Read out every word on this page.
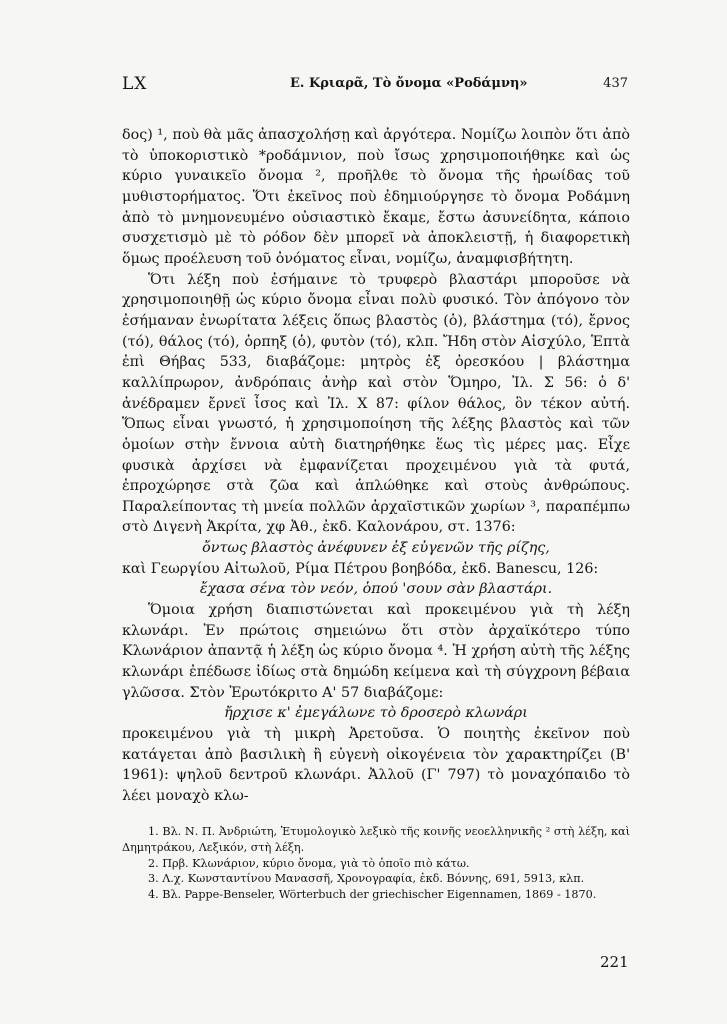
LX	Ε. Κριαρᾶ, Τὸ ὄνομα «Ροδάμνη»	437

δος) ¹, ποὺ θὰ μᾶς ἀπασχολήσῃ καὶ ἀργότερα. Νομίζω λοιπὸν ὅτι ἀπὸ τὸ ὑποκοριστικὸ *ροδάμνιον, ποὺ ἴσως χρησιμοποιήθηκε καὶ ὡς κύριο γυναικεῖο ὄνομα ², προῆλθε τὸ ὄνομα τῆς ἡρωίδας τοῦ μυθιστορήματος. Ὅτι ἐκεῖνος ποὺ ἐδημιούργησε τὸ ὄνομα Ροδάμνη ἀπὸ τὸ μνημονευμένο οὐσιαστικὸ ἔκαμε, ἔστω ἀσυνείδητα, κάποιο συσχετισμὸ μὲ τὸ ρόδον δὲν μπορεῖ νὰ ἀποκλειστῇ, ἡ διαφορετικὴ ὅμως προέλευση τοῦ ὀνόματος εἶναι, νομίζω, ἀναμφισβήτητη.

Ὅτι λέξη ποὺ ἐσήμαινε τὸ τρυφερὸ βλαστάρι μποροῦσε νὰ χρησιμοποιηθῇ ὡς κύριο ὄνομα εἶναι πολὺ φυσικό. Τὸν ἀπόγονο τὸν ἐσήμαναν ἐνωρίτατα λέξεις ὅπως βλαστὸς (ὁ), βλάστημα (τό), ἔρνος (τό), θάλος (τό), ὀρπηξ (ὁ), φυτὸν (τό), κλπ. Ἤδη στὸν Αἰσχύλο, Ἑπτὰ ἐπὶ Θήβας 533, διαβάζομε: μητρὸς ἐξ ὀρεσκόου | βλάστημα καλλίπρωρον, ἀνδρόπαις ἀνὴρ καὶ στὸν Ὅμηρο, Ἰλ. Σ 56: ὁ δ' ἀνέδραμεν ἔρνεϊ ἶσος καὶ Ἰλ. Χ 87: φίλον θάλος, ὃν τέκον αὐτή. Ὅπως εἶναι γνωστό, ἡ χρησιμοποίηση τῆς λέξης βλαστὸς καὶ τῶν ὁμοίων στὴν ἔννοια αὐτὴ διατηρήθηκε ἕως τὶς μέρες μας. Εἶχε φυσικὰ ἀρχίσει νὰ ἐμφανίζεται προχειμένου γιὰ τὰ φυτά, ἐπροχώρησε στὰ ζῶα καὶ ἁπλώθηκε καὶ στοὺς ἀνθρώπους. Παραλείποντας τὴ μνεία πολλῶν ἀρχαϊστικῶν χωρίων ³, παραπέμπω στὸ Διγενὴ Ἀκρίτα, χφ Ἀθ., ἐκδ. Καλονάρου, στ. 1376:

ὄντως βλαστὸς ἀνέφυνεν ἐξ εὐγενῶν τῆς ρίζης,

καὶ Γεωργίου Αἰτωλοῦ, Ρίμα Πέτρου βοηβόδα, ἐκδ. Banescu, 126:

ἔχασα σένα τὸν νεόν, ὁπού 'σουν σὰν βλαστάρι.

Ὅμοια χρήση διαπιστώνεται καὶ προκειμένου γιὰ τὴ λέξη κλωνάρι. Ἐν πρώτοις σημειώνω ὅτι στὸν ἀρχαϊκότερο τύπο Κλωνάριον ἀπαντᾷ ἡ λέξη ὡς κύριο ὄνομα ⁴. Ἡ χρήση αὐτὴ τῆς λέξης κλωνάρι ἐπέδωσε ἰδίως στὰ δημώδη κείμενα καὶ τὴ σύγχρονη βέβαια γλῶσσα. Στὸν Ἐρωτόκριτο Α' 57 διαβάζομε:

ἤρχισε κ' ἐμεγάλωνε τὸ δροσερὸ κλωνάρι

προκειμένου γιὰ τὴ μικρὴ Ἀρετοῦσα. Ὁ ποιητὴς ἐκεῖνον ποὺ κατάγεται ἀπὸ βασιλικὴ ἢ εὐγενὴ οἰκογένεια τὸν χαρακτηρίζει (Β' 1961): ψηλοῦ δεντροῦ κλωνάρι. Ἀλλοῦ (Γ' 797) τὸ μοναχόπαιδο τὸ λέει μοναχὸ κλω-

1. Βλ. Ν. Π. Ἀνδριώτη, Ἐτυμολογικὸ λεξικὸ τῆς κοινῆς νεοελληνικῆς ² στὴ λέξη, καὶ Δημητράκου, Λεξικόν, στὴ λέξη.

2. Πρβ. Κλωνάριον, κύριο ὄνομα, γιὰ τὸ ὁποῖο πιὸ κάτω.

3. Λ.χ. Κωνσταντίνου Μανασσῆ, Χρονογραφία, ἐκδ. Βόννης, 691, 5913, κλπ.

4. Βλ. Pappe-Benseler, Wörterbuch der griechischer Eigennamen, 1869 - 1870.

221
